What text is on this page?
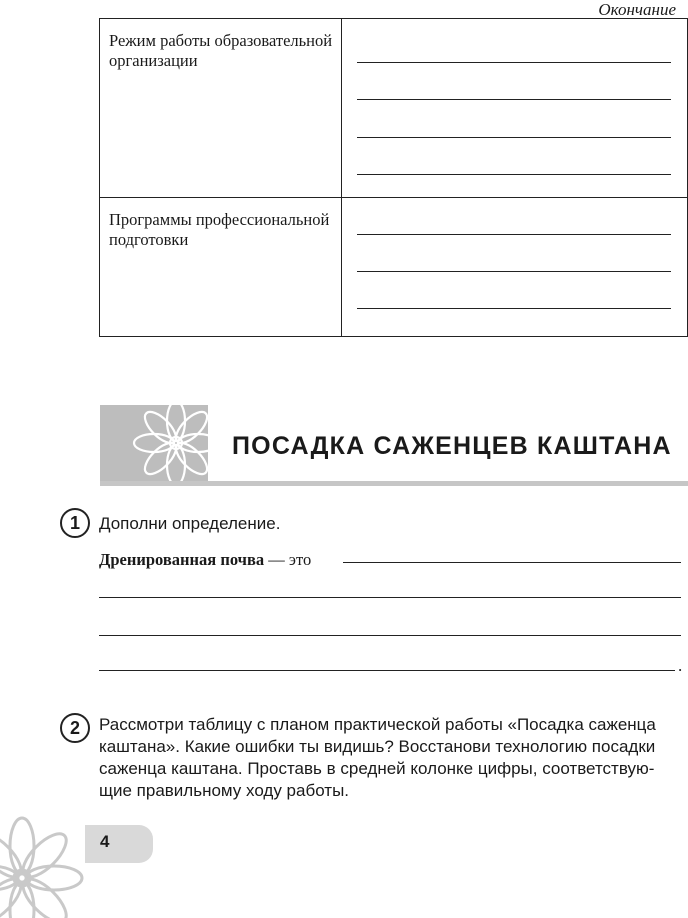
Окончание
Режим работы образовательной организации	

Программы профессиональной подготовки	

ПОСАДКА САЖЕНЦЕВ КАШТАНА
1	Дополни определение.
Дренированная почва — это
.
2	Рассмотри таблицу с планом практической работы «Посадка саженца
каштана». Какие ошибки ты видишь? Восстанови технологию посадки
саженца каштана. Проставь в средней колонке цифры, соответствую-
щие правильному ходу работы.
4
